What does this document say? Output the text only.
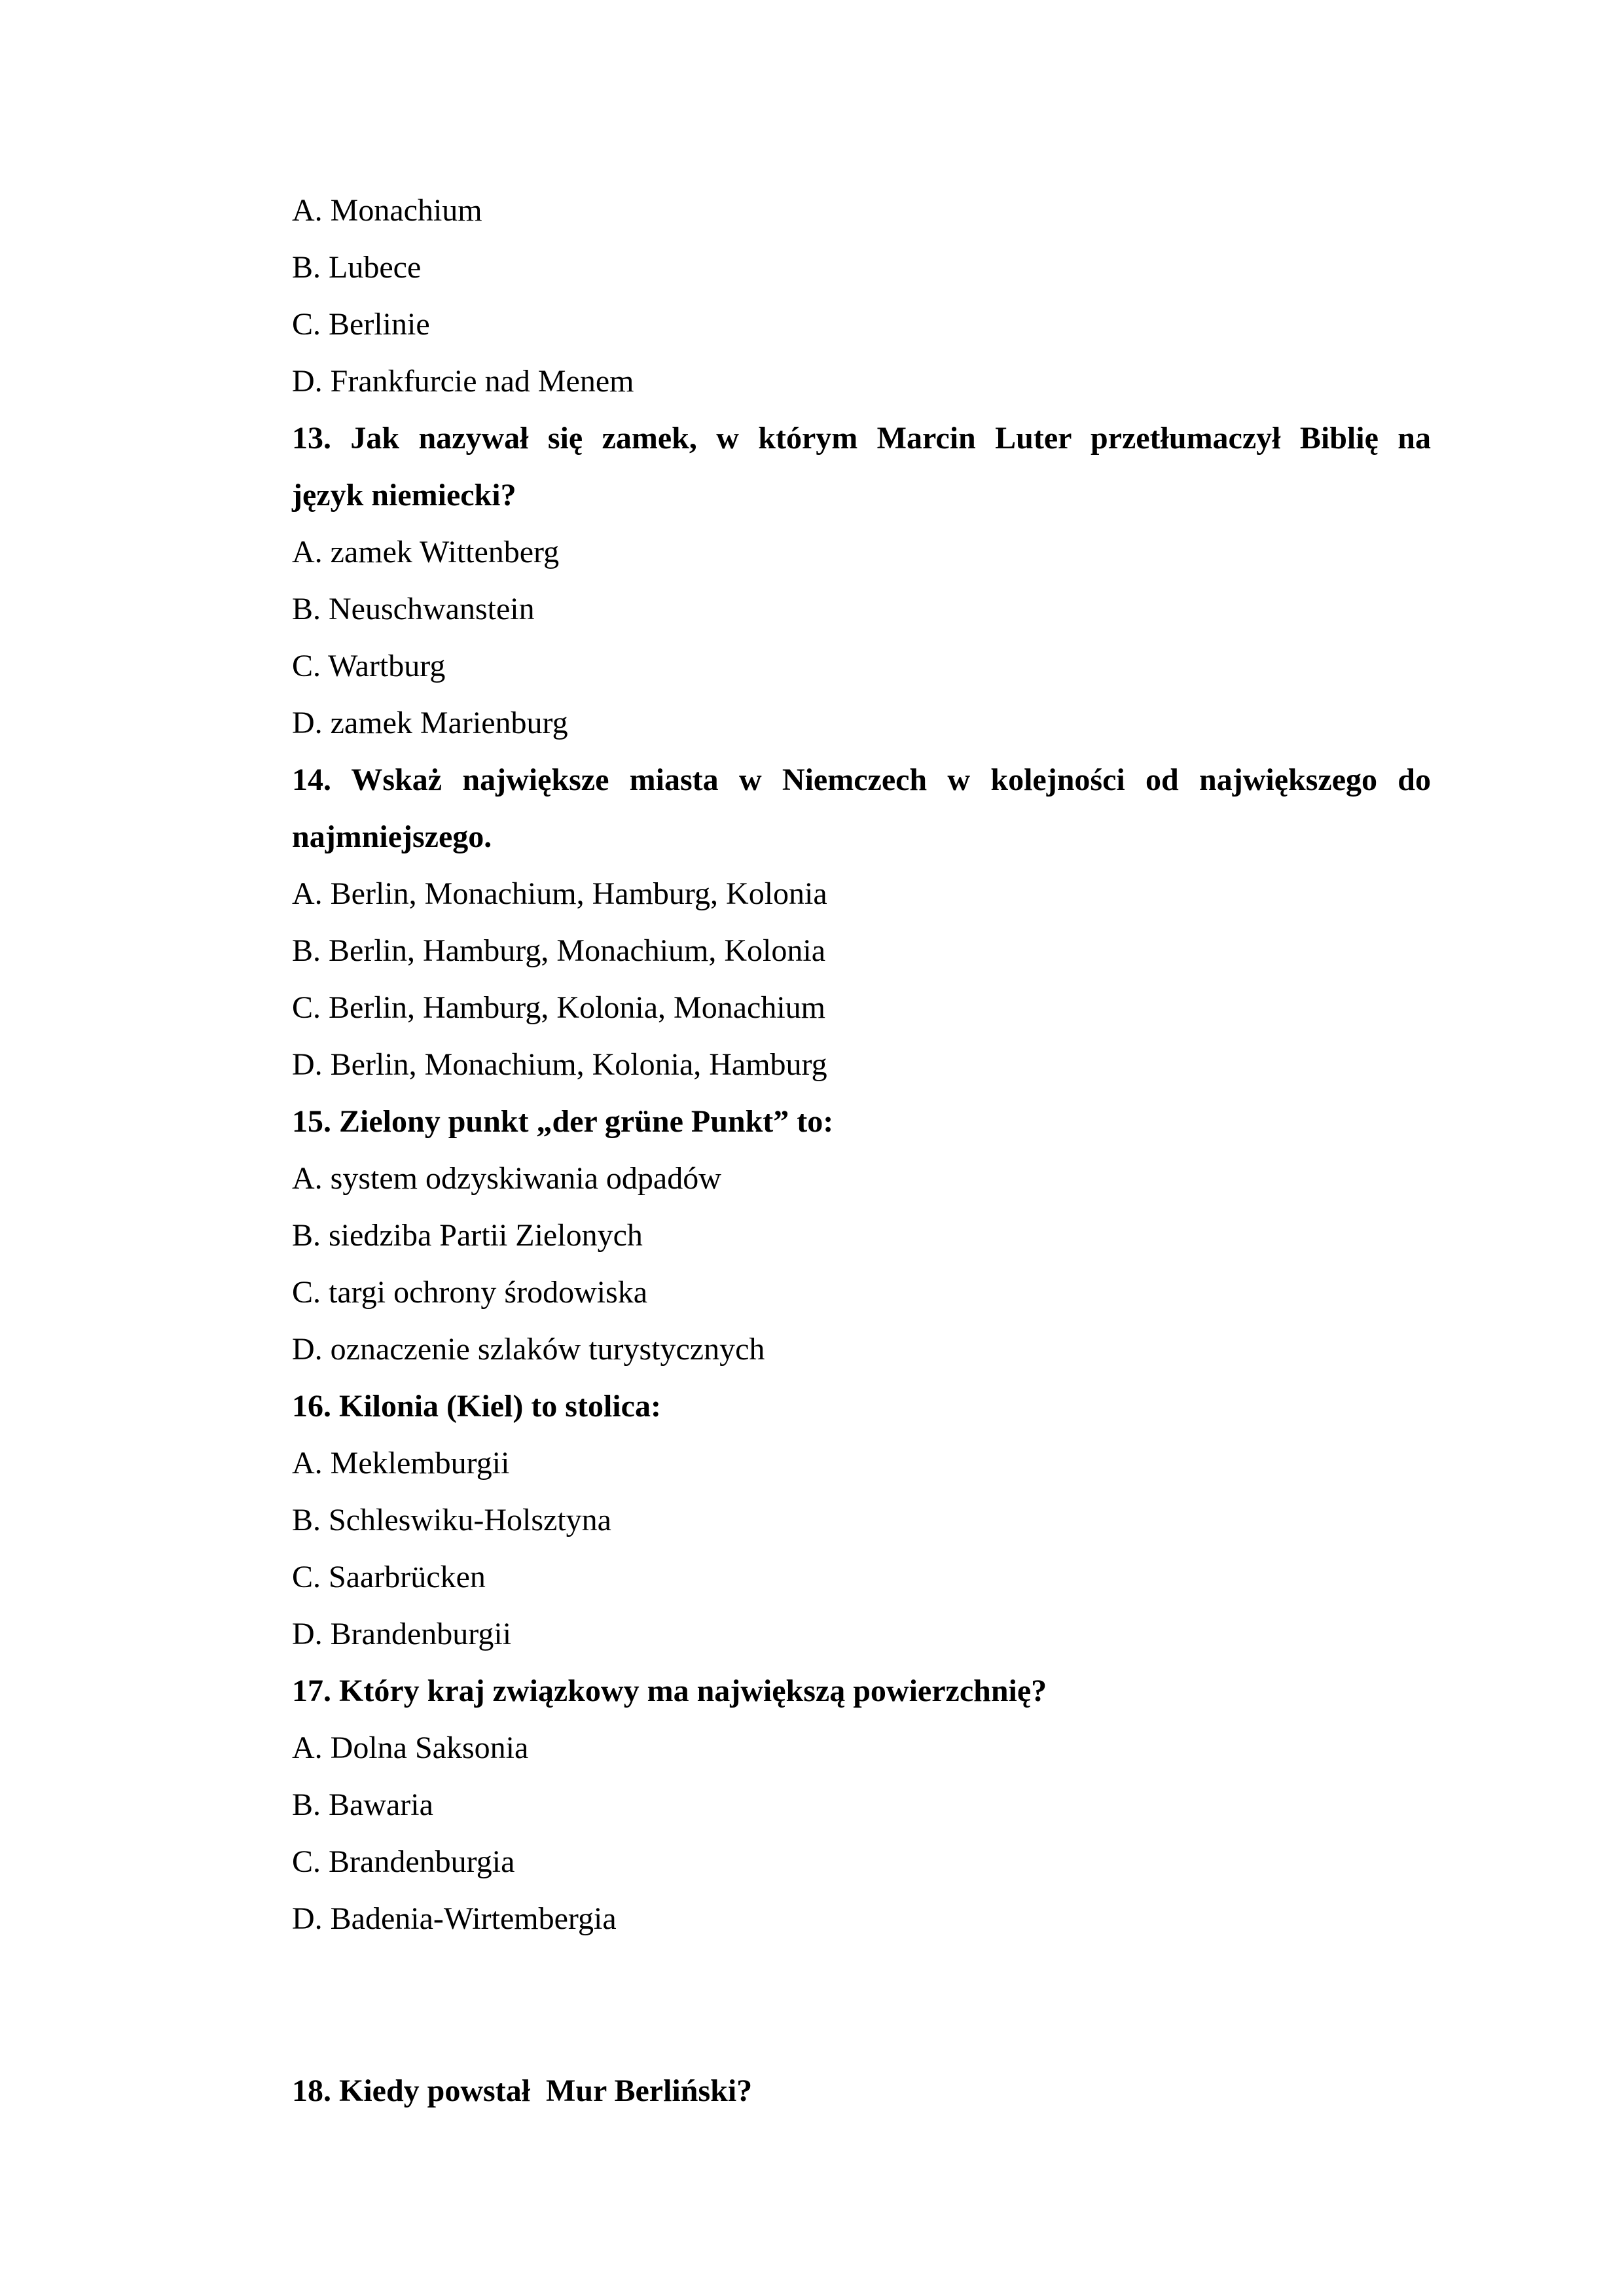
A. Monachium

B. Lubece

C. Berlinie

D. Frankfurcie nad Menem

13. Jak nazywał się zamek, w którym Marcin Luter przetłumaczył Biblię na

język niemiecki?

A. zamek Wittenberg

B. Neuschwanstein

C. Wartburg

D. zamek Marienburg

14. Wskaż największe miasta w Niemczech w kolejności od największego do

najmniejszego.

A. Berlin, Monachium, Hamburg, Kolonia

B. Berlin, Hamburg, Monachium, Kolonia

C. Berlin, Hamburg, Kolonia, Monachium

D. Berlin, Monachium, Kolonia, Hamburg

15. Zielony punkt „der grüne Punkt” to:

A. system odzyskiwania odpadów

B. siedziba Partii Zielonych

C. targi ochrony środowiska

D. oznaczenie szlaków turystycznych

16. Kilonia (Kiel) to stolica:

A. Meklemburgii

B. Schleswiku-Holsztyna

C. Saarbrücken

D. Brandenburgii

17. Który kraj związkowy ma największą powierzchnię?

A. Dolna Saksonia

B. Bawaria

C. Brandenburgia

D. Badenia-Wirtembergia

18. Kiedy powstał  Mur Berliński?
